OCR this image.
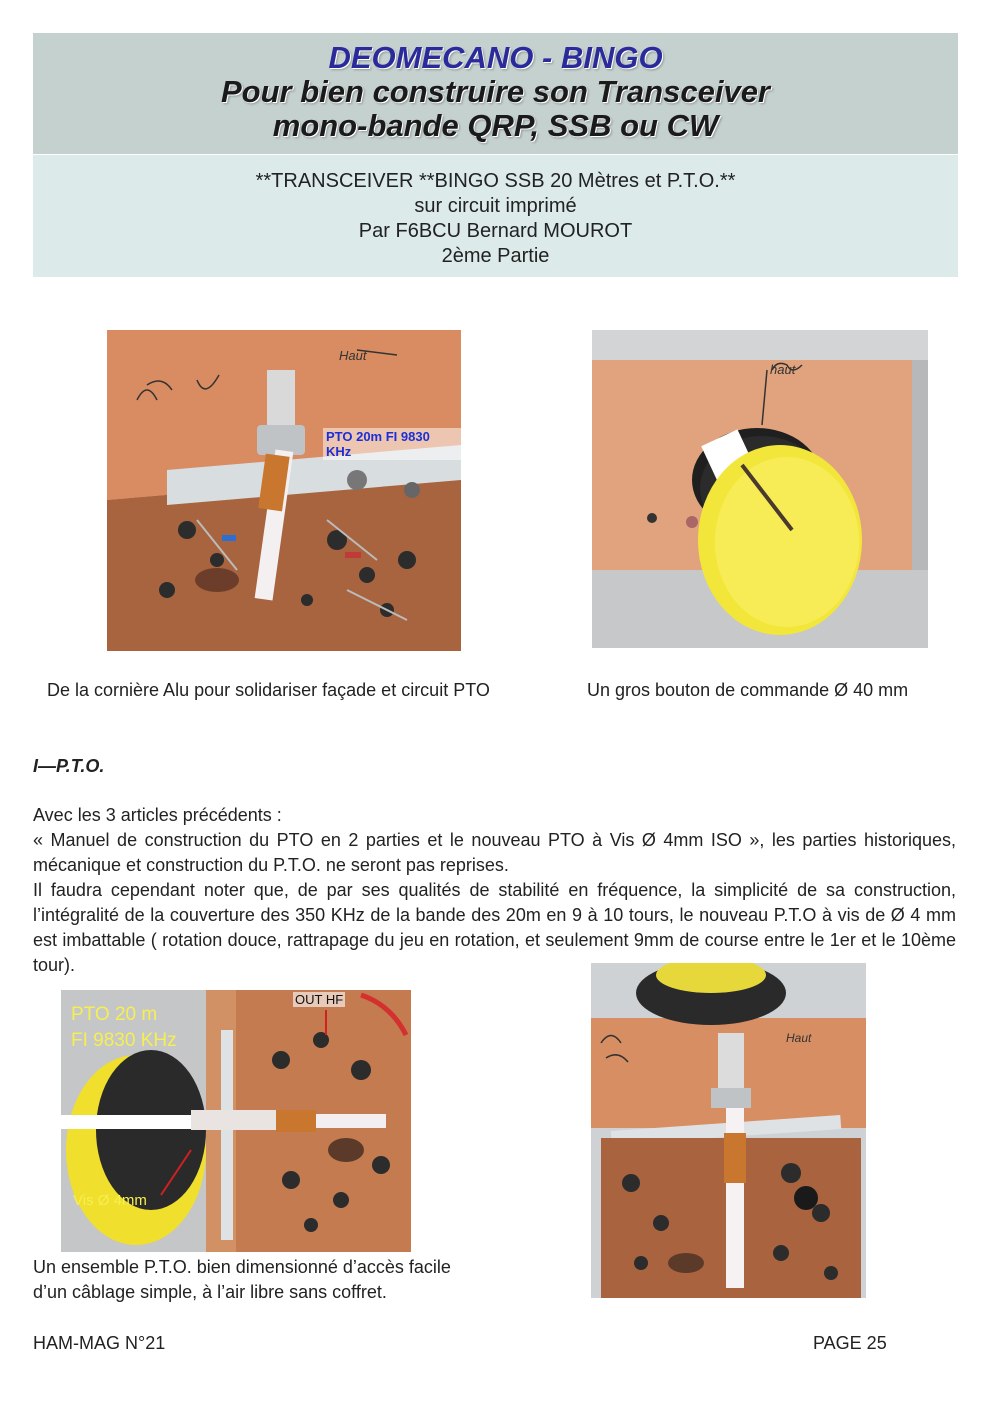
DEOMECANO - BINGO
Pour bien construire son Transceiver
mono-bande QRP, SSB ou CW
**TRANSCEIVER **BINGO SSB 20 Mètres et P.T.O.**
sur circuit imprimé
Par F6BCU Bernard MOUROT
2ème Partie
PTO 20m FI 9830 KHz
Haut
haut
De la cornière Alu pour solidariser façade et circuit PTO	Un gros bouton de commande Ø 40 mm
I—P.T.O.
Avec les 3 articles précédents :
« Manuel de construction du PTO en 2 parties et le nouveau PTO à Vis Ø 4mm ISO », les parties historiques, mécanique et construction du P.T.O. ne seront pas reprises.
Il faudra cependant noter que, de par ses qualités de stabilité en fréquence, la simplicité de sa construction, l’intégralité de la couverture des 350 KHz de la bande des 20m en 9 à 10 tours, le nouveau P.T.O à vis de Ø 4 mm est imbattable ( rotation douce, rattrapage du jeu en rotation, et seulement 9mm de course entre le 1er et le 10ème tour).
PTO 20 m
FI 9830 KHz
OUT HF
Vis Ø 4mm
Haut
Un ensemble P.T.O. bien dimensionné d’accès facile
d’un câblage simple, à l’air libre sans coffret.
HAM-MAG N°21	PAGE 25
